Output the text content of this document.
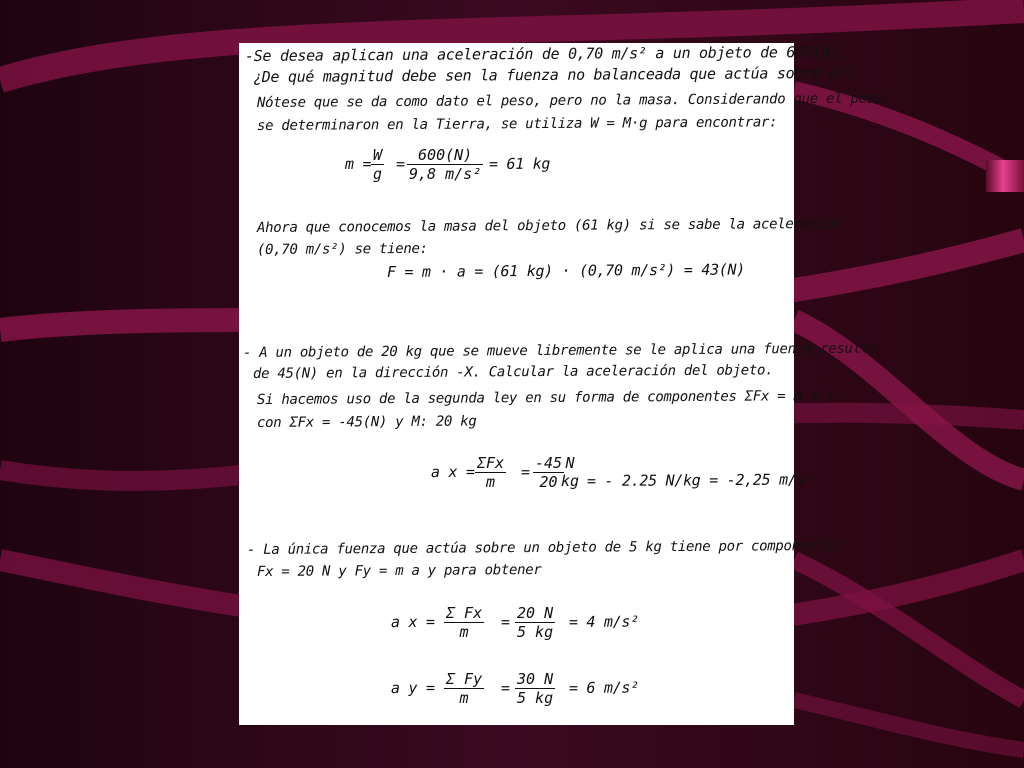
-Se desea aplican una aceleración de 0,70 m/s² a un objeto de 600(N).
¿De qué magnitud debe sen la fuenza no balanceada que actúa sobre él?
Nótese que se da como dato el peso, pero no la masa. Considerando que el peso
se determinaron en la Tierra, se utiliza W = M·g para encontrar:
$m = \frac{W}{g} = \frac{600(N)}{\text{9,8 m/s²}} = 61$ kg
Ahora que conocemos la masa del objeto (61 kg) si se sabe la aceleración
(0,70 m/s²) se tiene:
F = m · a = (61 kg) · (0,70 m/s²) = 43(N)
- A un objeto de 20 kg que se mueve libremente se le aplica una fuenza resulta
de 45(N) en la dirección -X. Calcular la aceleración del objeto.
Si hacemos uso de la segunda ley en su forma de componentes ΣFx = m a x
con ΣFx = -45(N) y M: 20 kg
a x = ΣFx
m
= $\frac{-45}{20}$ N
kg = - 2.25 N/kg = -2,25 m/s²
- La única fuenza que actúa sobre un objeto de 5 kg tiene por componentes
Fx = 20 N y Fy = m a y para obtener
a $x = \frac{\text{Σ Fx}}{m} = \frac{20 N}{5 kg} = 4$ m/s²
a $y = \frac{\text{Σ Fy}}{m} = \frac{30 N}{5 kg} = 6$ m/s²
